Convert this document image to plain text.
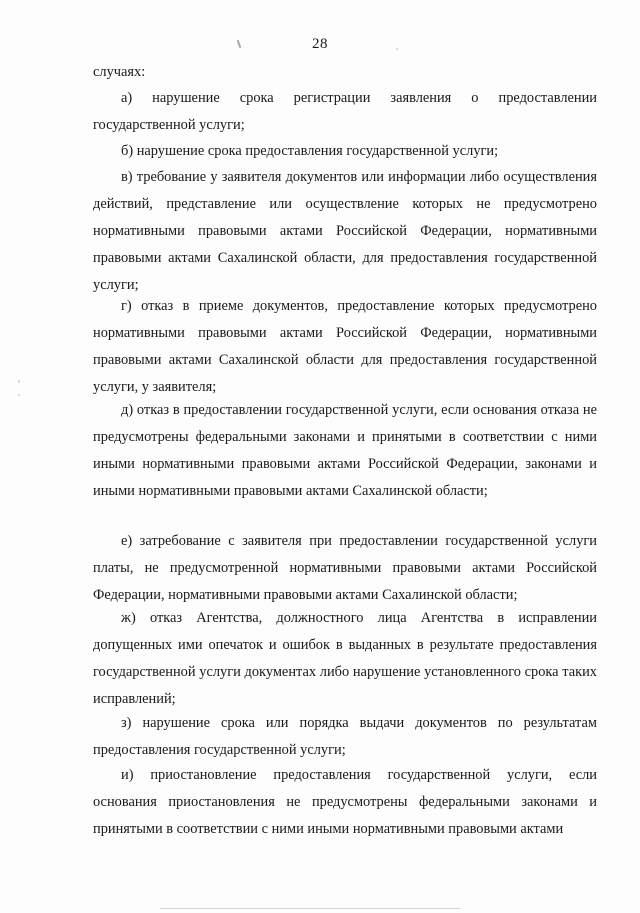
28

случаях:

а) нарушение срока регистрации заявления о предоставлении государственной услуги;

б) нарушение срока предоставления государственной услуги;

в) требование у заявителя документов или информации либо осуществления действий, представление или осуществление которых не предусмотрено нормативными правовыми актами Российской Федерации, нормативными правовыми актами Сахалинской области, для предоставления государственной услуги;

г) отказ в приеме документов, предоставление которых предусмотрено нормативными правовыми актами Российской Федерации, нормативными правовыми актами Сахалинской области для предоставления государственной услуги, у заявителя;

д) отказ в предоставлении государственной услуги, если основания отказа не предусмотрены федеральными законами и принятыми в соответствии с ними иными нормативными правовыми актами Российской Федерации, законами и иными нормативными правовыми актами Сахалинской области;

е) затребование с заявителя при предоставлении государственной услуги платы, не предусмотренной нормативными правовыми актами Российской Федерации, нормативными правовыми актами Сахалинской области;

ж) отказ Агентства, должностного лица Агентства в исправлении допущенных ими опечаток и ошибок в выданных в результате предоставления государственной услуги документах либо нарушение установленного срока таких исправлений;

з) нарушение срока или порядка выдачи документов по результатам предоставления государственной услуги;

и) приостановление предоставления государственной услуги, если основания приостановления не предусмотрены федеральными законами и принятыми в соответствии с ними иными нормативными правовыми актами
